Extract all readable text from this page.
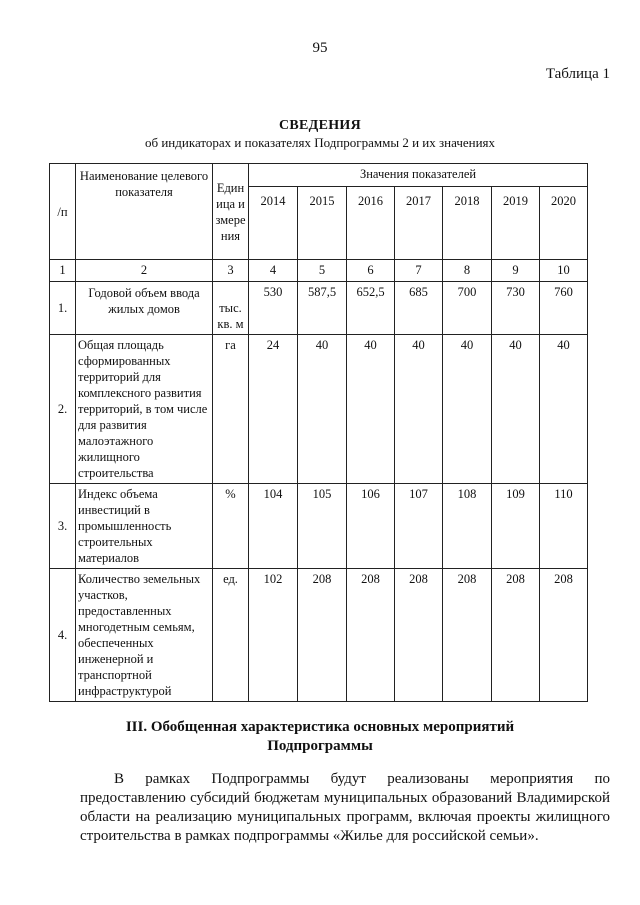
95
Таблица 1
СВЕДЕНИЯ
об индикаторах и показателях Подпрограммы 2 и их значениях
/п	Наименование целевого показателя	Единица измерения	Значения показателей						
			2014	2015	2016	2017	2018	2019	2020
1	2	3	4	5	6	7	8	9	10
1.	Годовой объем ввода жилых домов	тыс. кв. м	530	587,5	652,5	685	700	730	760
2.	Общая площадь сформированных территорий для комплексного развития территорий, в том числе для развития малоэтажного жилищного строительства	га	24	40	40	40	40	40	40
3.	Индекс объема инвестиций в промышленность строительных материалов	%	104	105	106	107	108	109	110
4.	Количество земельных участков, предоставленных многодетным семьям, обеспеченных инженерной и транспортной инфраструктурой	ед.	102	208	208	208	208	208	208
III. Обобщенная характеристика основных мероприятий
Подпрограммы
В рамках Подпрограммы будут реализованы мероприятия по предоставлению субсидий бюджетам муниципальных образований Владимирской области на реализацию муниципальных программ, включая проекты жилищного строительства в рамках подпрограммы «Жилье для российской семьи».
